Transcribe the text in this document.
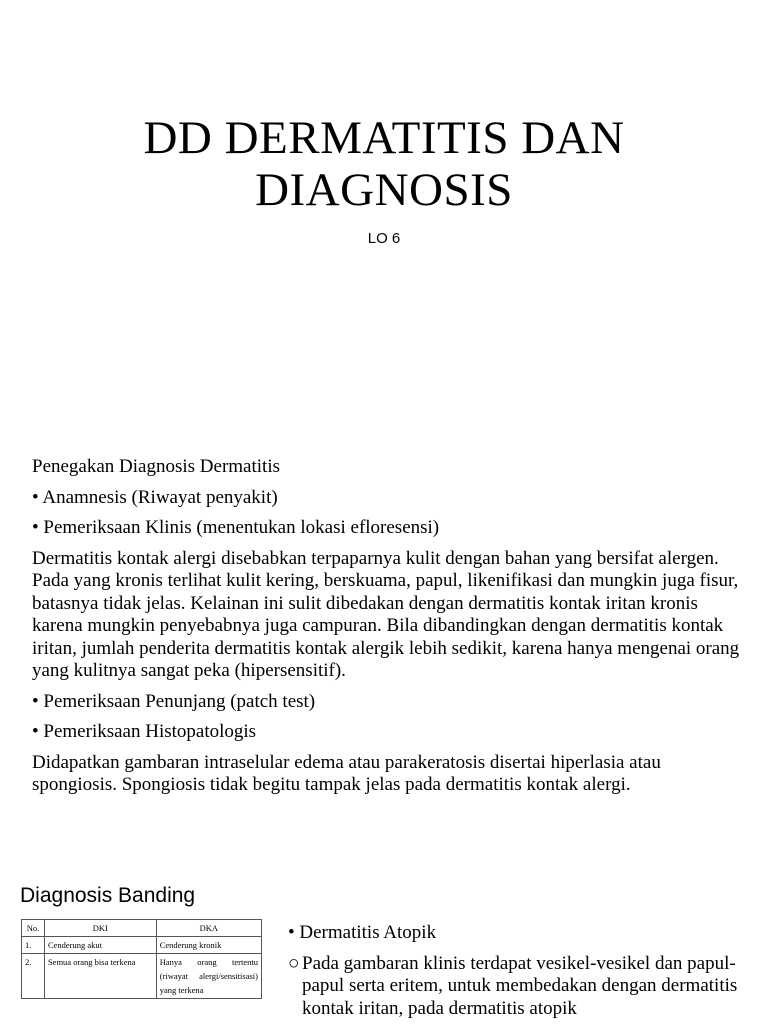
DD DERMATITIS DAN
DIAGNOSIS
LO 6
Penegakan Diagnosis Dermatitis
• Anamnesis (Riwayat penyakit)
• Pemeriksaan Klinis (menentukan lokasi efloresensi)
Dermatitis kontak alergi disebabkan terpaparnya kulit dengan bahan yang bersifat alergen. Pada yang kronis terlihat kulit kering, berskuama, papul, likenifikasi dan mungkin juga fisur, batasnya tidak jelas. Kelainan ini sulit dibedakan dengan dermatitis kontak iritan kronis karena mungkin penyebabnya juga campuran. Bila dibandingkan dengan dermatitis kontak iritan, jumlah penderita dermatitis kontak alergik lebih sedikit, karena hanya mengenai orang yang kulitnya sangat peka (hipersensitif).
• Pemeriksaan Penunjang (patch test)
• Pemeriksaan Histopatologis
Didapatkan gambaran intraselular edema atau parakeratosis disertai hiperlasia atau spongiosis. Spongiosis tidak begitu tampak jelas pada dermatitis kontak alergi.
Diagnosis Banding
No.	DKI	DKA
1.	Cenderung akut	Cenderung kronik
2.	Semua orang bisa terkena	Hanya orang tertentu (riwayat alergi/sensitisasi) yang terkena
• Dermatitis Atopik
○ Pada gambaran klinis terdapat vesikel-vesikel dan papul-papul serta eritem, untuk membedakan dengan dermatitis kontak iritan, pada dermatitis atopik
